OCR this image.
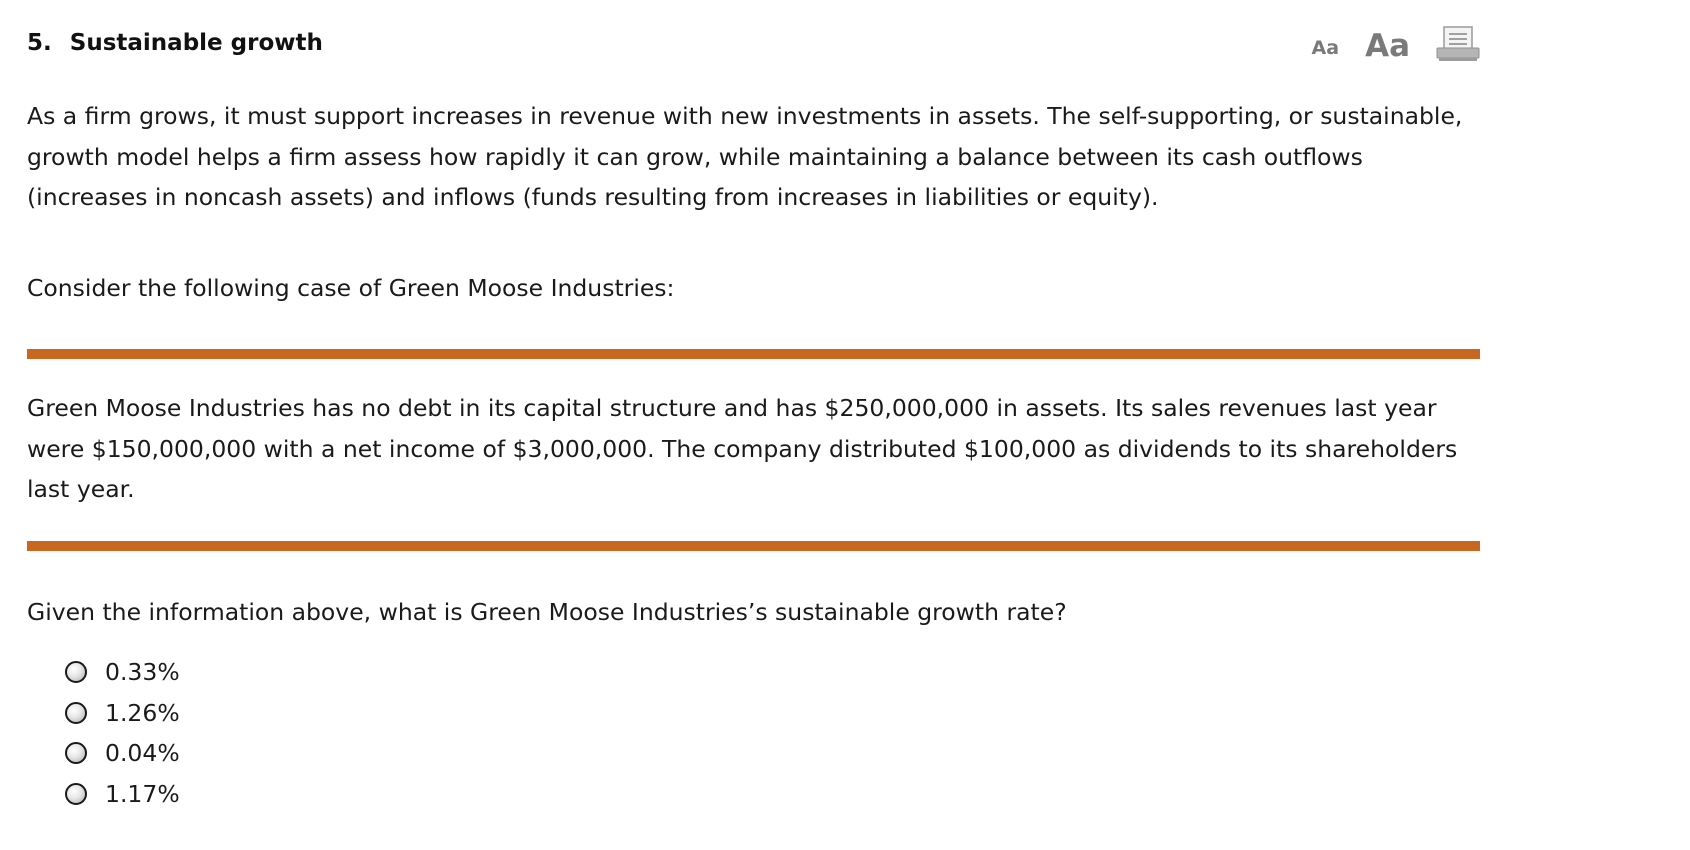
5. Sustainable growth	Aa Aa

As a firm grows, it must support increases in revenue with new investments in assets. The self-supporting, or sustainable, growth model helps a firm assess how rapidly it can grow, while maintaining a balance between its cash outflows (increases in noncash assets) and inflows (funds resulting from increases in liabilities or equity).

Consider the following case of Green Moose Industries:

Green Moose Industries has no debt in its capital structure and has $250,000,000 in assets. Its sales revenues last year were $150,000,000 with a net income of $3,000,000. The company distributed $100,000 as dividends to its shareholders last year.

Given the information above, what is Green Moose Industries’s sustainable growth rate?

0.33%
1.26%
0.04%
1.17%
